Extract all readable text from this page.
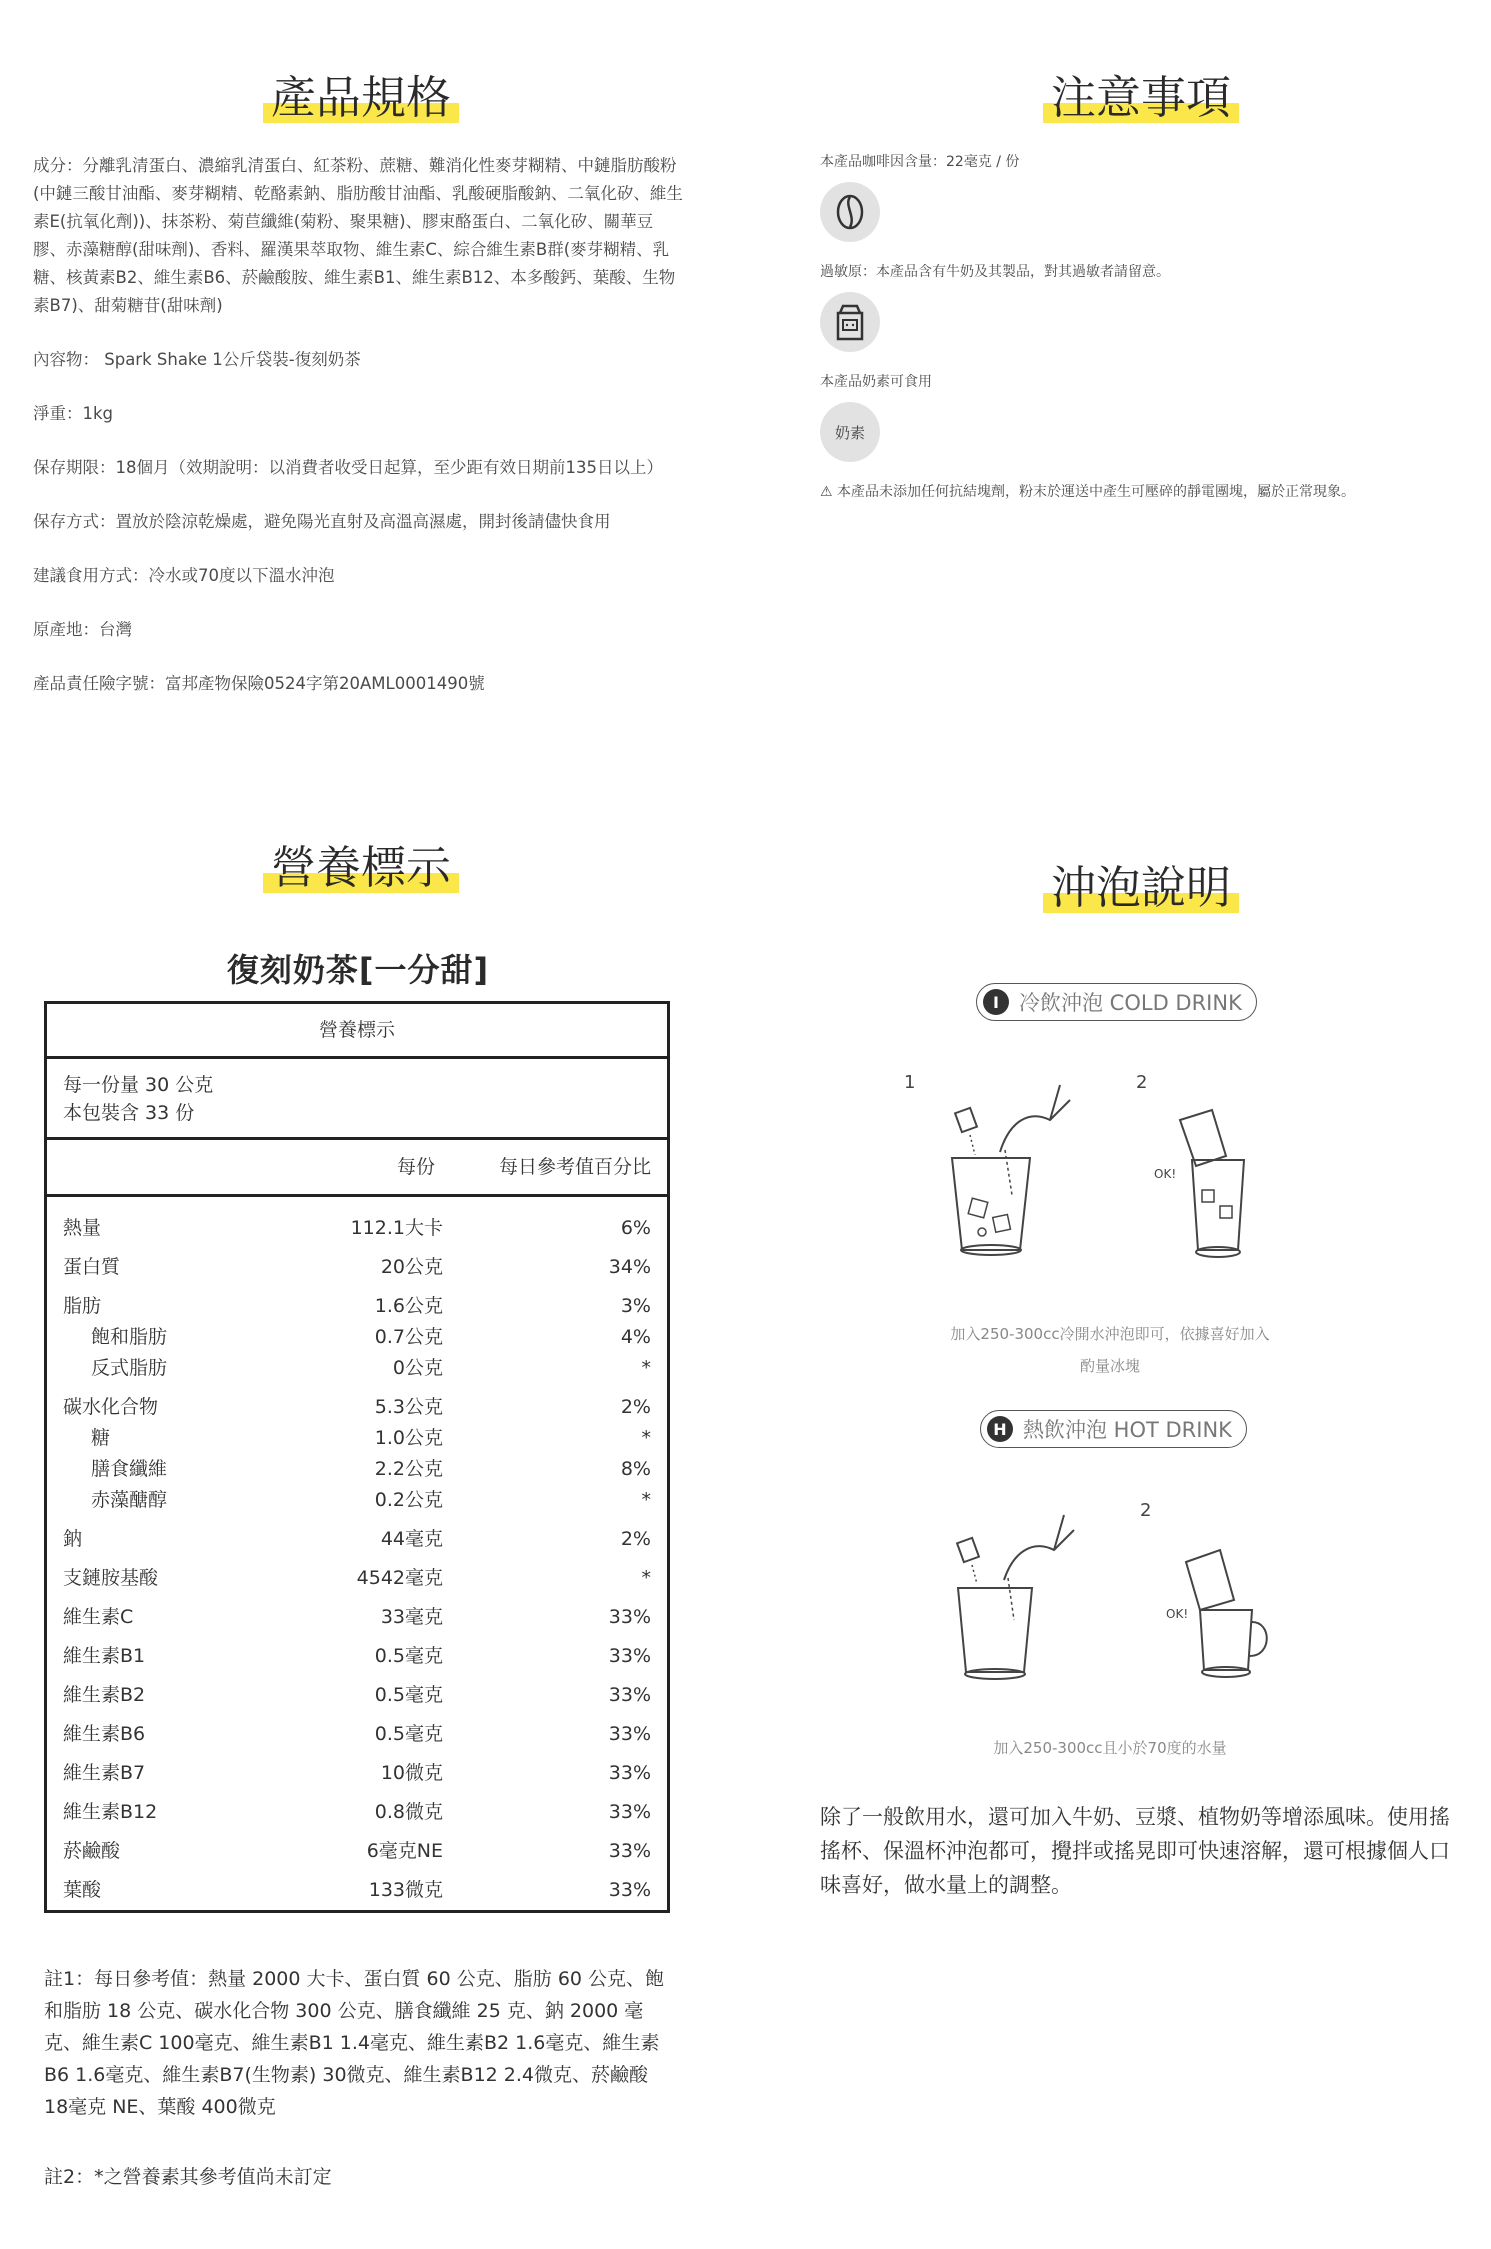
產品規格	注意事項
營養標示	沖泡說明

成分：分離乳清蛋白、濃縮乳清蛋白、紅茶粉、蔗糖、難消化性麥芽糊精、中鏈脂肪酸粉(中鏈三酸甘油酯、麥芽糊精、乾酪素鈉、脂肪酸甘油酯、乳酸硬脂酸鈉、二氧化矽、維生素E(抗氧化劑))、抹茶粉、菊苣纖維(菊粉、聚果糖)、膠束酪蛋白、二氧化矽、關華豆膠、赤藻糖醇(甜味劑)、香料、羅漢果萃取物、維生素C、綜合維生素B群(麥芽糊精、乳糖、核黃素B2、維生素B6、菸鹼酸胺、維生素B1、維生素B12、本多酸鈣、葉酸、生物素B7)、甜菊糖苷(甜味劑)

內容物： Spark Shake 1公斤袋裝-復刻奶茶

淨重：1kg

保存期限：18個月（效期說明：以消費者收受日起算，至少距有效日期前135日以上）

保存方式：置放於陰涼乾燥處，避免陽光直射及高溫高濕處，開封後請儘快食用

建議食用方式：冷水或70度以下溫水沖泡

原產地：台灣

產品責任險字號：富邦產物保險0524字第20AML0001490號

本產品咖啡因含量：22毫克 / 份

過敏原：本產品含有牛奶及其製品，對其過敏者請留意。

本產品奶素可食用

奶素

⚠ 本產品未添加任何抗結塊劑，粉末於運送中產生可壓碎的靜電團塊，屬於正常現象。

復刻奶茶[一分甜]
營養標示
每一份量 30 公克
本包裝含 33 份
每份	每日參考值百分比
熱量	112.1大卡	6%
蛋白質	20公克	34%
脂肪	1.6公克	3%
飽和脂肪	0.7公克	4%
反式脂肪	0公克	*
碳水化合物	5.3公克	2%
糖	1.0公克	*
膳食纖維	2.2公克	8%
赤藻醣醇	0.2公克	*
鈉	44毫克	2%
支鏈胺基酸	4542毫克	*
維生素C	33毫克	33%
維生素B1	0.5毫克	33%
維生素B2	0.5毫克	33%
維生素B6	0.5毫克	33%
維生素B7	10微克	33%
維生素B12	0.8微克	33%
菸鹼酸	6毫克NE	33%
葉酸	133微克	33%

註1：每日參考值：熱量 2000 大卡、蛋白質 60 公克、脂肪 60 公克、飽和脂肪 18 公克、碳水化合物 300 公克、膳食纖維 25 克、鈉 2000 毫克、維生素C 100毫克、維生素B1 1.4毫克、維生素B2 1.6毫克、維生素B6 1.6毫克、維生素B7(生物素) 30微克、維生素B12 2.4微克、菸鹼酸 18毫克 NE、葉酸 400微克

註2：*之營養素其參考值尚未訂定

I 冷飲沖泡 COLD DRINK
1	2
OK!
加入250-300cc冷開水沖泡即可，依據喜好加入
酌量冰塊
H 熱飲沖泡 HOT DRINK
2
OK!
加入250-300cc且小於70度的水量
除了一般飲用水，還可加入牛奶、豆漿、植物奶等增添風味。使用搖搖杯、保溫杯沖泡都可，攪拌或搖晃即可快速溶解，還可根據個人口味喜好，做水量上的調整。
